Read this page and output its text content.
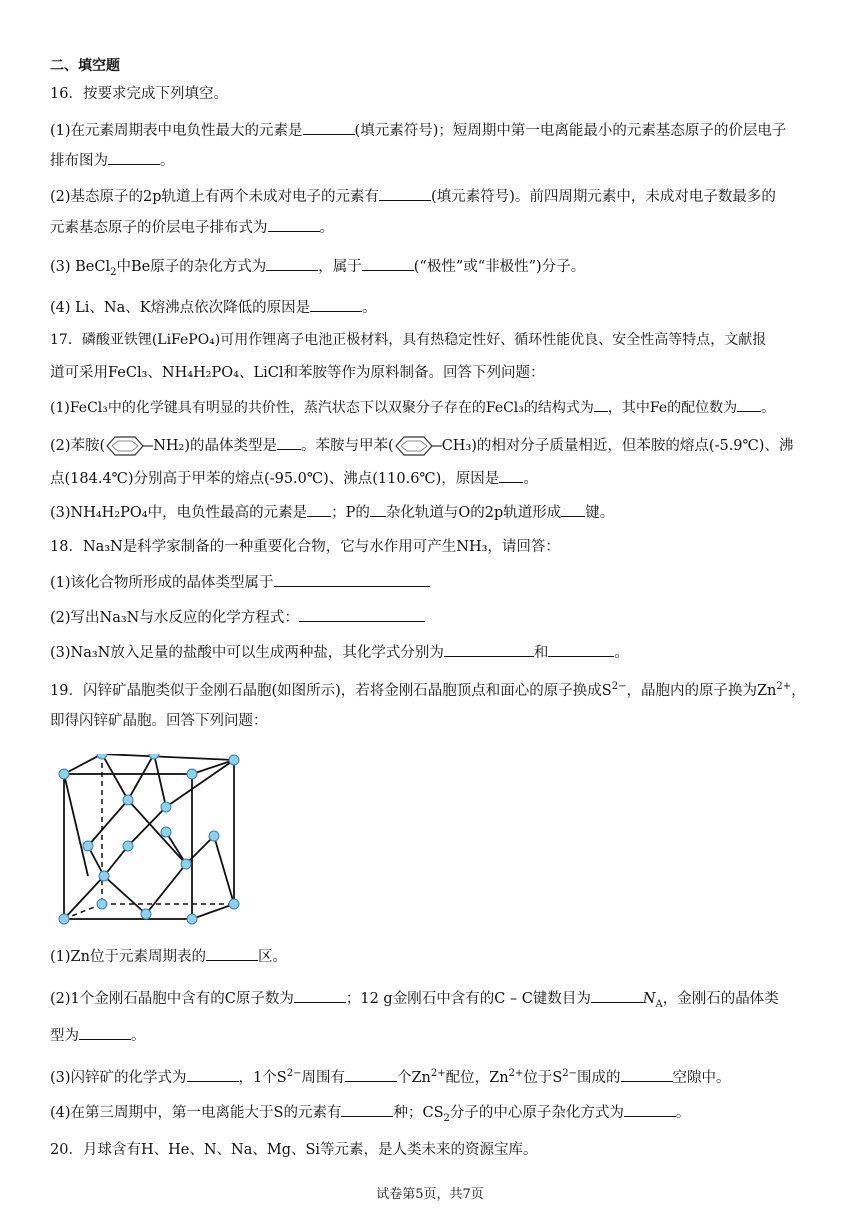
二、填空题
16．按要求完成下列填空。
(1)在元素周期表中电负性最大的元素是	(填元素符号)；短周期中第一电离能最小的元素基态原子的价层电子
排布图为	。
(2)基态原子的2p轨道上有两个未成对电子的元素有	(填元素符号)。前四周期元素中，未成对电子数最多的
元素基态原子的价层电子排布式为	。
(3) BeCl$_2$中Be原子的杂化方式为	，属于	(“极性”或“非极性”)分子。
(4) Li、Na、K熔沸点依次降低的原因是	。
17．磷酸亚铁锂(LiFePO₄)可用作锂离子电池正极材料，具有热稳定性好、循环性能优良、安全性高等特点，文献报
道可采用FeCl₃、NH₄H₂PO₄、LiCl和苯胺等作为原料制备。回答下列问题：
(1)FeCl₃中的化学键具有明显的共价性，蒸汽状态下以双聚分子存在的FeCl₃的结构式为 ，其中Fe的配位数为 。
(2)苯胺(	NH₂)的晶体类型是 。苯胺与甲苯(	CH₃)的相对分子质量相近，但苯胺的熔点(-5.9℃)、沸
点(184.4℃)分别高于甲苯的熔点(-95.0℃)、沸点(110.6℃)，原因是 。
(3)NH₄H₂PO₄中，电负性最高的元素是 ；P的 杂化轨道与O的2p轨道形成 键。
18．Na₃N是科学家制备的一种重要化合物，它与水作用可产生NH₃，请回答：
(1)该化合物所形成的晶体类型属于
(2)写出Na₃N与水反应的化学方程式：
(3)Na₃N放入足量的盐酸中可以生成两种盐，其化学式分别为	和	。
19．闪锌矿晶胞类似于金刚石晶胞(如图所示)，若将金刚石晶胞顶点和面心的原子换成$S^{2-}$，晶胞内的原子换为$Zn^{2+}$，
即得闪锌矿晶胞。回答下列问题：
(1)Zn位于元素周期表的	区。
(2)1个金刚石晶胞中含有的C原子数为	；12 g金刚石中含有的C – C键数目为	$N_A$，金刚石的晶体类
型为	。
(3)闪锌矿的化学式为	，1个$S^{2-}$周围有	个$Zn^{2+}$配位，$Zn^{2+}$位于$S^{2-}$围成的	空隙中。
(4)在第三周期中，第一电离能大于S的元素有	种；$CS_2$分子的中心原子杂化方式为	。
20．月球含有H、He、N、Na、Mg、Si等元素，是人类未来的资源宝库。
试卷第5页，共7页
